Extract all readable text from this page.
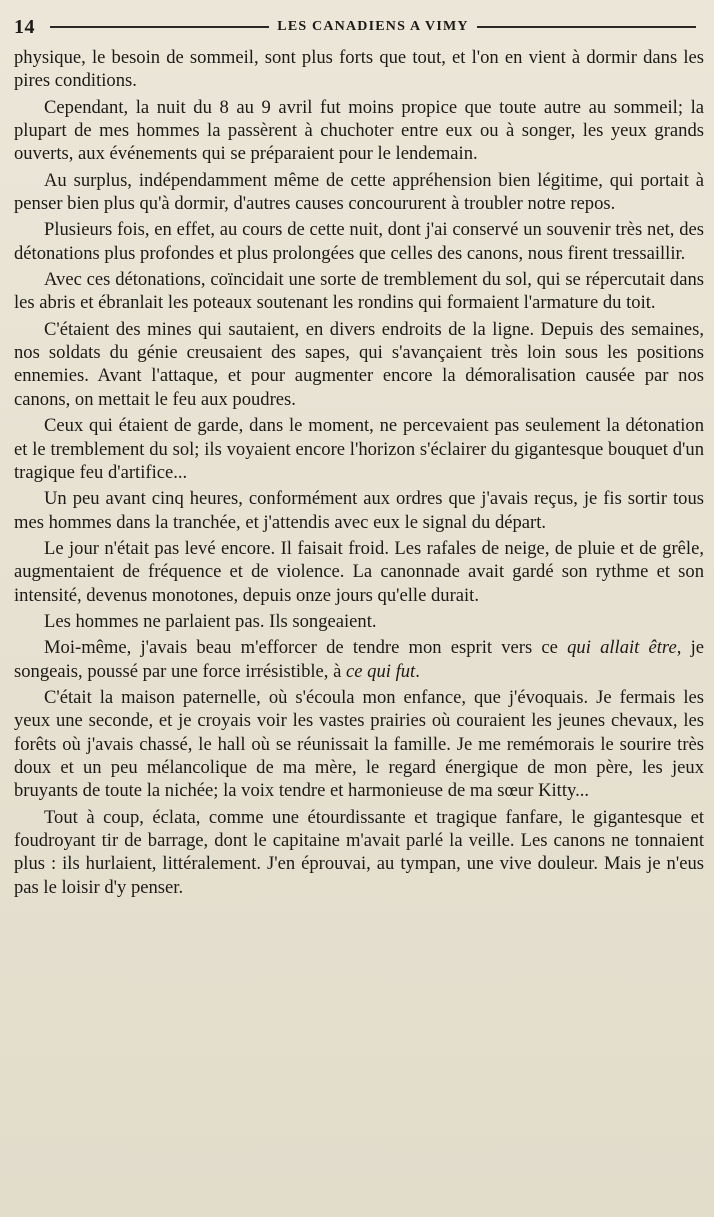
14	LES CANADIENS A VIMY

physique, le besoin de sommeil, sont plus forts que tout, et l'on en vient à dormir dans les pires conditions.

Cependant, la nuit du 8 au 9 avril fut moins propice que toute autre au sommeil; la plupart de mes hommes la passèrent à chuchoter entre eux ou à songer, les yeux grands ouverts, aux événements qui se préparaient pour le lendemain.

Au surplus, indépendamment même de cette appréhension bien légitime, qui portait à penser bien plus qu'à dormir, d'autres causes concoururent à troubler notre repos.

Plusieurs fois, en effet, au cours de cette nuit, dont j'ai conservé un souvenir très net, des détonations plus profondes et plus prolongées que celles des canons, nous firent tressaillir.

Avec ces détonations, coïncidait une sorte de tremblement du sol, qui se répercutait dans les abris et ébranlait les poteaux soutenant les rondins qui formaient l'armature du toit.

C'étaient des mines qui sautaient, en divers endroits de la ligne. Depuis des semaines, nos soldats du génie creusaient des sapes, qui s'avançaient très loin sous les positions ennemies. Avant l'attaque, et pour augmenter encore la démoralisation causée par nos canons, on mettait le feu aux poudres.

Ceux qui étaient de garde, dans le moment, ne percevaient pas seulement la détonation et le tremblement du sol; ils voyaient encore l'horizon s'éclairer du gigantesque bouquet d'un tragique feu d'artifice...

Un peu avant cinq heures, conformément aux ordres que j'avais reçus, je fis sortir tous mes hommes dans la tranchée, et j'attendis avec eux le signal du départ.

Le jour n'était pas levé encore. Il faisait froid. Les rafales de neige, de pluie et de grêle, augmentaient de fréquence et de violence. La canonnade avait gardé son rythme et son intensité, devenus monotones, depuis onze jours qu'elle durait.

Les hommes ne parlaient pas. Ils songeaient.

Moi-même, j'avais beau m'efforcer de tendre mon esprit vers ce qui allait être, je songeais, poussé par une force irrésistible, à ce qui fut.

C'était la maison paternelle, où s'écoula mon enfance, que j'évoquais. Je fermais les yeux une seconde, et je croyais voir les vastes prairies où couraient les jeunes chevaux, les forêts où j'avais chassé, le hall où se réunissait la famille. Je me remémorais le sourire très doux et un peu mélancolique de ma mère, le regard énergique de mon père, les jeux bruyants de toute la nichée; la voix tendre et harmonieuse de ma sœur Kitty...

Tout à coup, éclata, comme une étourdissante et tragique fanfare, le gigantesque et foudroyant tir de barrage, dont le capitaine m'avait parlé la veille. Les canons ne tonnaient plus : ils hurlaient, littéralement. J'en éprouvai, au tympan, une vive douleur. Mais je n'eus pas le loisir d'y penser.
